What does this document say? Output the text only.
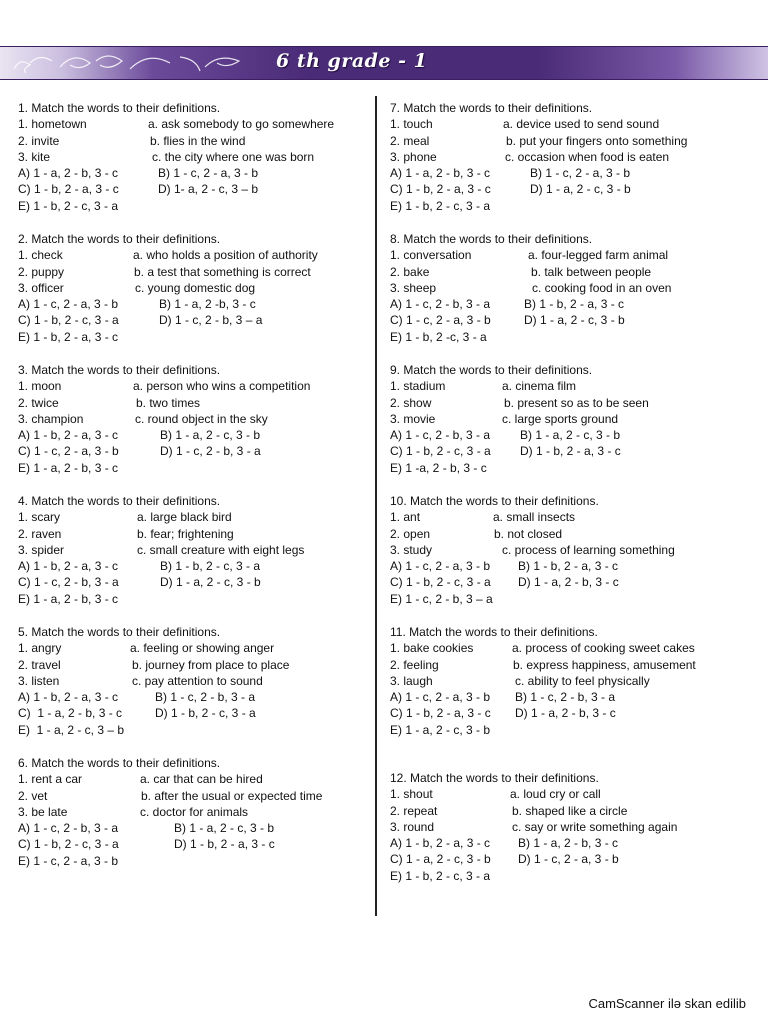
6 th grade - 1
1. Match the words to their definitions.
1. hometown	a. ask somebody to go somewhere
2. invite	b. flies in the wind
3. kite	c. the city where one was born
A) 1 - a, 2 - b, 3 - c	B) 1 - c, 2 - a, 3 - b
C) 1 - b, 2 - a, 3 - c	D) 1- a, 2 - c, 3 – b
E) 1 - b, 2 - c, 3 - a
2. Match the words to their definitions.
1. check	a. who holds a position of authority
2. puppy	b. a test that something is correct
3. officer	c. young domestic dog
A) 1 - c, 2 - a, 3 - b	B) 1 - a, 2 -b, 3 - c
C) 1 - b, 2 - c, 3 - a	D) 1 - c, 2 - b, 3 – a
E) 1 - b, 2 - a, 3 - c
3. Match the words to their definitions.
1. moon	a. person who wins a competition
2. twice	b. two times
3. champion	c. round object in the sky
A) 1 - b, 2 - a, 3 - c	B) 1 - a, 2 - c, 3 - b
C) 1 - c, 2 - a, 3 - b	D) 1 - c, 2 - b, 3 - a
E) 1 - a, 2 - b, 3 - c
4. Match the words to their definitions.
1. scary	a. large black bird
2. raven	b. fear; frightening
3. spider	c. small creature with eight legs
A) 1 - b, 2 - a, 3 - c	B) 1 - b, 2 - c, 3 - a
C) 1 - c, 2 - b, 3 - a	D) 1 - a, 2 - c, 3 - b
E) 1 - a, 2 - b, 3 - c
5. Match the words to their definitions.
1. angry	a. feeling or showing anger
2. travel	b. journey from place to place
3. listen	c. pay attention to sound
A) 1 - b, 2 - a, 3 - c	B) 1 - c, 2 - b, 3 - a
C)  1 - a, 2 - b, 3 - c	D) 1 - b, 2 - c, 3 - a
E)  1 - a, 2 - c, 3 – b
6. Match the words to their definitions.
1. rent a car	a. car that can be hired
2. vet	b. after the usual or expected time
3. be late	c. doctor for animals
A) 1 - c, 2 - b, 3 - a	B) 1 - a, 2 - c, 3 - b
C) 1 - b, 2 - c, 3 - a	D) 1 - b, 2 - a, 3 - c
E) 1 - c, 2 - a, 3 - b
7. Match the words to their definitions.
1. touch	a. device used to send sound
2. meal	b. put your fingers onto something
3. phone	c. occasion when food is eaten
A) 1 - a, 2 - b, 3 - c	B) 1 - c, 2 - a, 3 - b
C) 1 - b, 2 - a, 3 - c	D) 1 - a, 2 - c, 3 - b
E) 1 - b, 2 - c, 3 - a
8. Match the words to their definitions.
1. conversation	a. four-legged farm animal
2. bake	b. talk between people
3. sheep	c. cooking food in an oven
A) 1 - c, 2 - b, 3 - a	B) 1 - b, 2 - a, 3 - c
C) 1 - c, 2 - a, 3 - b	D) 1 - a, 2 - c, 3 - b
E) 1 - b, 2 -c, 3 - a
9. Match the words to their definitions.
1. stadium	a. cinema film
2. show	b. present so as to be seen
3. movie	c. large sports ground
A) 1 - c, 2 - b, 3 - a B) 1 - a, 2 - c, 3 - b
C) 1 - b, 2 - c, 3 - a D) 1 - b, 2 - a, 3 - c
E) 1 -a, 2 - b, 3 - c
10. Match the words to their definitions.
1. ant	a. small insects
2. open	b. not closed
3. study	c. process of learning something
A) 1 - c, 2 - a, 3 - b B) 1 - b, 2 - a, 3 - c
C) 1 - b, 2 - c, 3 - a D) 1 - a, 2 - b, 3 - c
E) 1 - c, 2 - b, 3 – a
11. Match the words to their definitions.
1. bake cookies	a. process of cooking sweet cakes
2. feeling	b. express happiness, amusement
3. laugh	c. ability to feel physically
A) 1 - c, 2 - a, 3 - b B) 1 - c, 2 - b, 3 - a
C) 1 - b, 2 - a, 3 - c D) 1 - a, 2 - b, 3 - c
E) 1 - a, 2 - c, 3 - b
12. Match the words to their definitions.
1. shout	a. loud cry or call
2. repeat	b. shaped like a circle
3. round	c. say or write something again
A) 1 - b, 2 - a, 3 - c B) 1 - a, 2 - b, 3 - c
C) 1 - a, 2 - c, 3 - b D) 1 - c, 2 - a, 3 - b
E) 1 - b, 2 - c, 3 - a
CamScanner ilə skan edilib
